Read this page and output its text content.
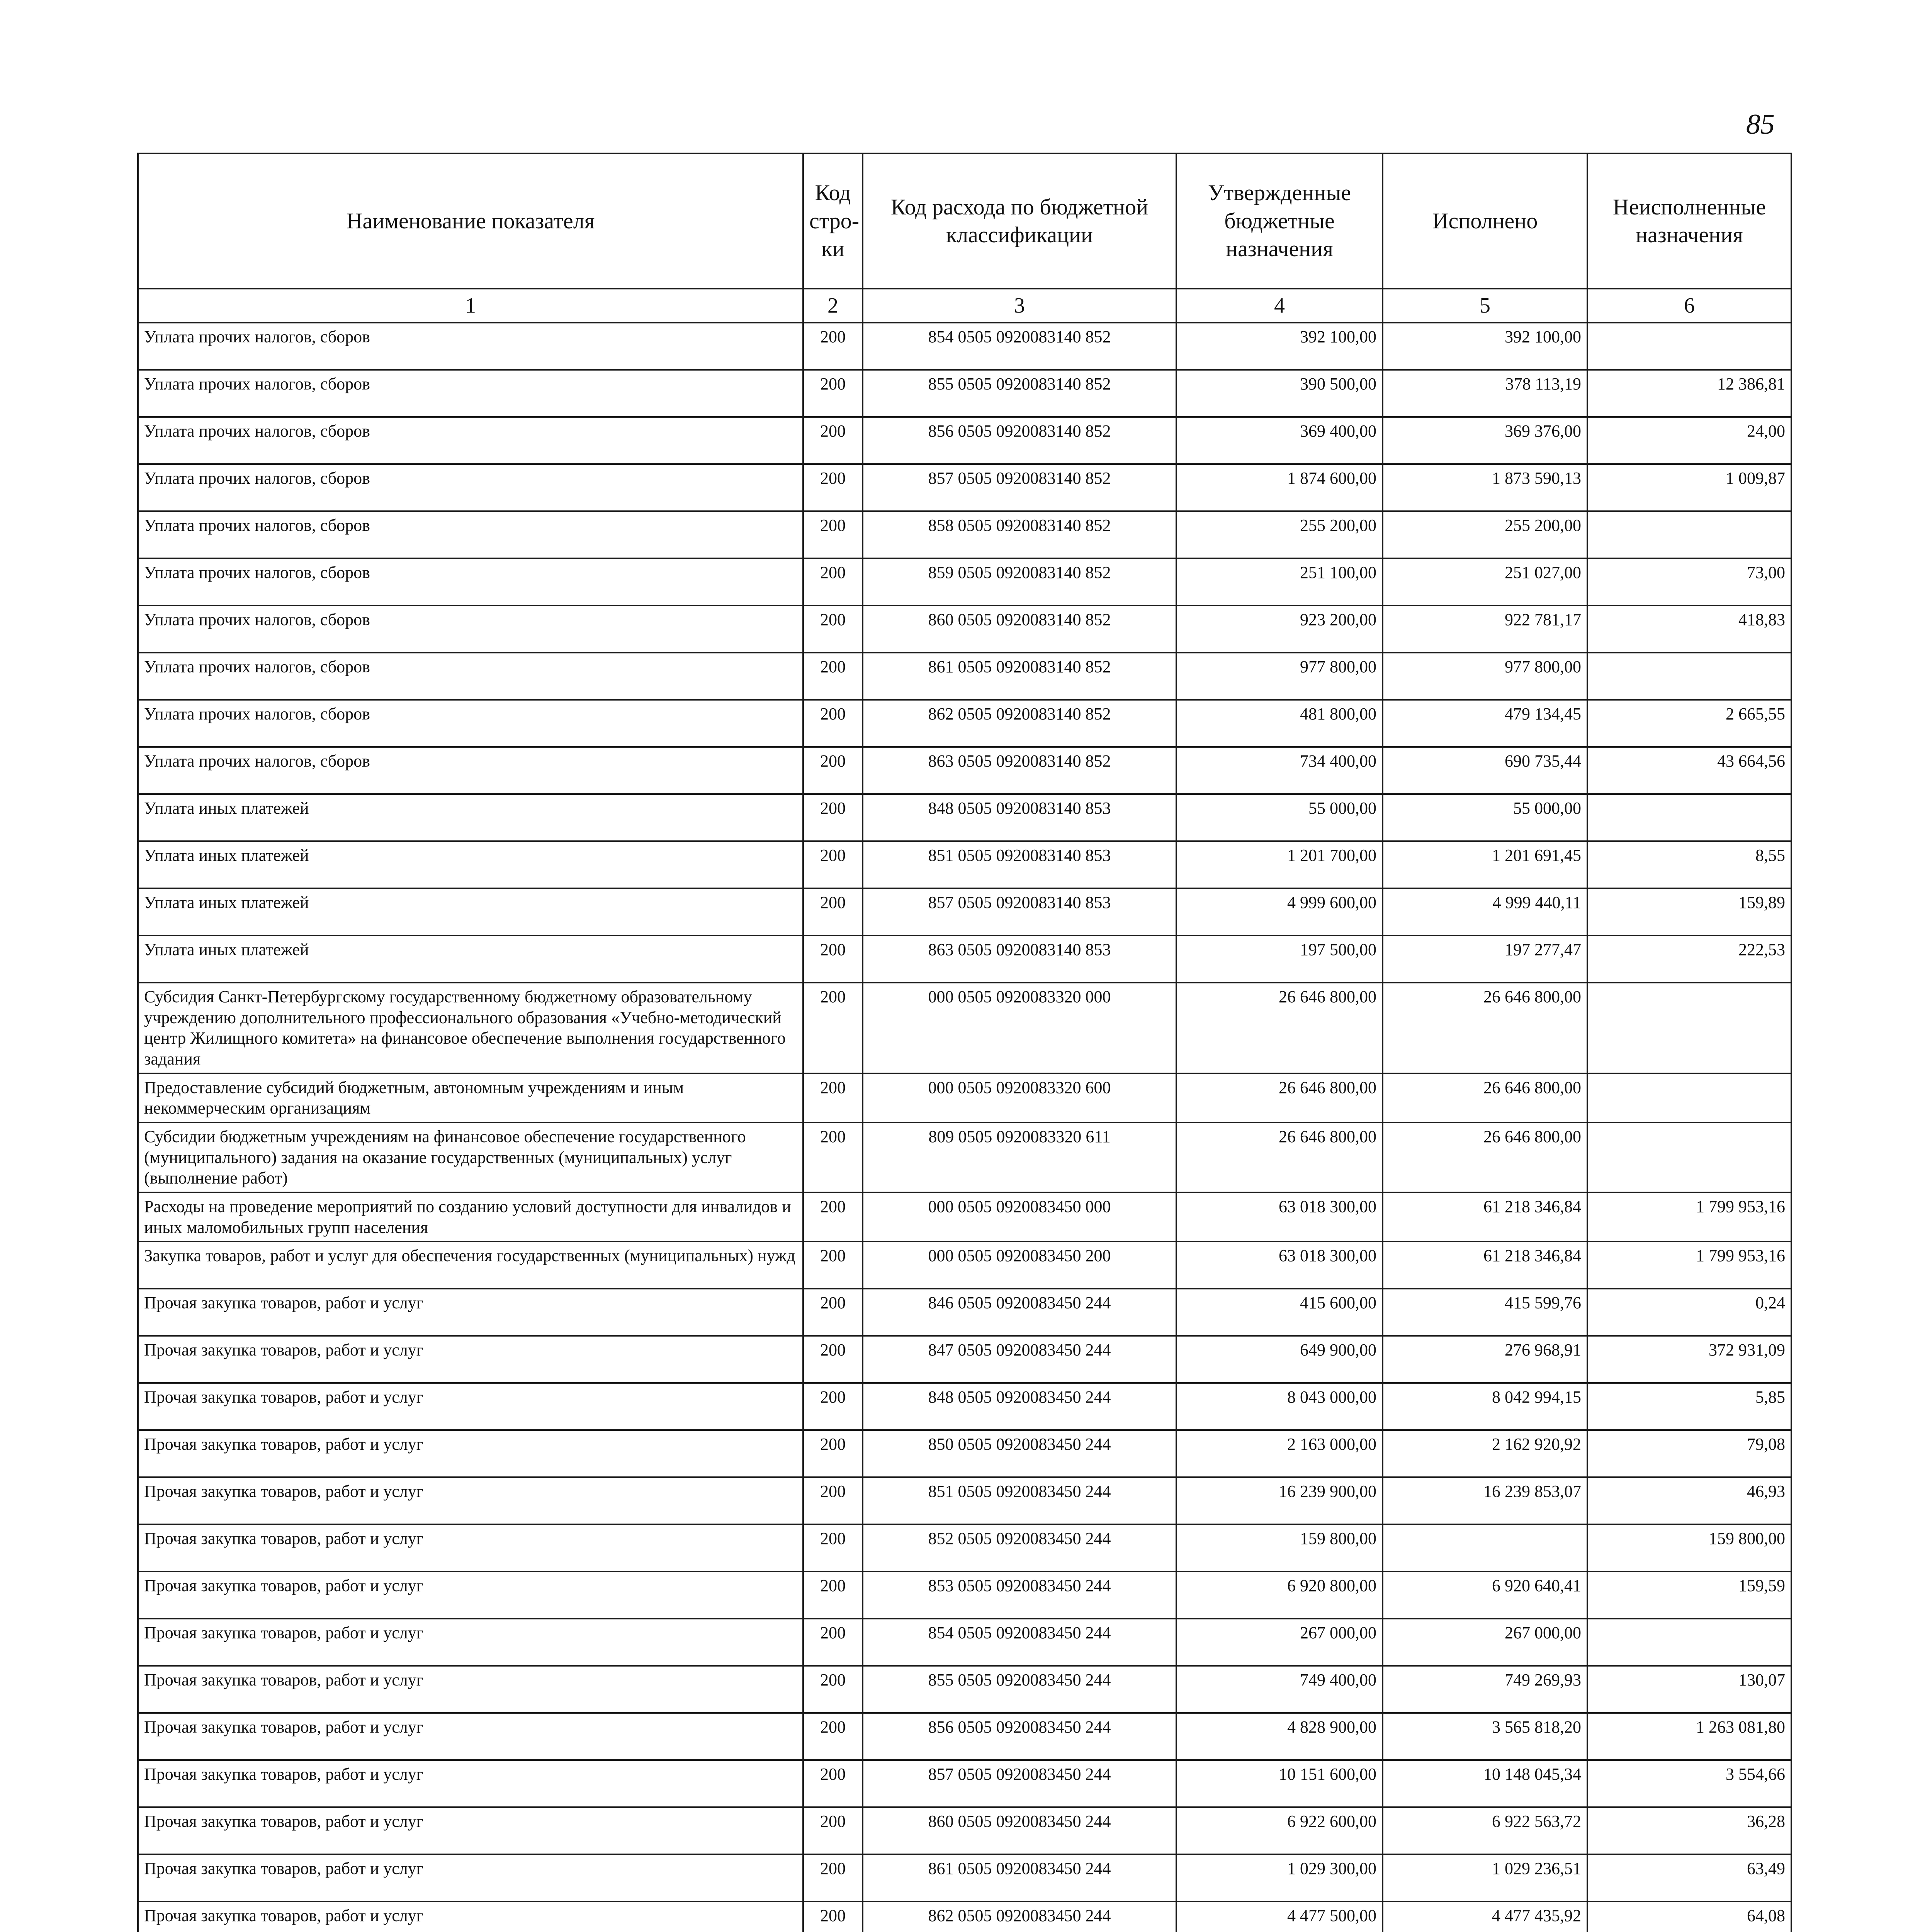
85
Наименование показателя	Код стро- ки	Код расхода по бюджетной классификации	Утвержденные бюджетные назначения	Исполнено	Неисполненные назначения
1	2	3	4	5	6
Уплата прочих налогов, сборов	200	854 0505 0920083140 852	392 100,00	392 100,00	
Уплата прочих налогов, сборов	200	855 0505 0920083140 852	390 500,00	378 113,19	12 386,81
Уплата прочих налогов, сборов	200	856 0505 0920083140 852	369 400,00	369 376,00	24,00
Уплата прочих налогов, сборов	200	857 0505 0920083140 852	1 874 600,00	1 873 590,13	1 009,87
Уплата прочих налогов, сборов	200	858 0505 0920083140 852	255 200,00	255 200,00	
Уплата прочих налогов, сборов	200	859 0505 0920083140 852	251 100,00	251 027,00	73,00
Уплата прочих налогов, сборов	200	860 0505 0920083140 852	923 200,00	922 781,17	418,83
Уплата прочих налогов, сборов	200	861 0505 0920083140 852	977 800,00	977 800,00	
Уплата прочих налогов, сборов	200	862 0505 0920083140 852	481 800,00	479 134,45	2 665,55
Уплата прочих налогов, сборов	200	863 0505 0920083140 852	734 400,00	690 735,44	43 664,56
Уплата иных платежей	200	848 0505 0920083140 853	55 000,00	55 000,00	
Уплата иных платежей	200	851 0505 0920083140 853	1 201 700,00	1 201 691,45	8,55
Уплата иных платежей	200	857 0505 0920083140 853	4 999 600,00	4 999 440,11	159,89
Уплата иных платежей	200	863 0505 0920083140 853	197 500,00	197 277,47	222,53
Субсидия Санкт-Петербургскому государственному бюджетному образовательному учреждению дополнительного профессионального образования «Учебно-методический центр Жилищного комитета» на финансовое обеспечение выполнения государственного задания	200	000 0505 0920083320 000	26 646 800,00	26 646 800,00	
Предоставление субсидий бюджетным, автономным учреждениям и иным некоммерческим организациям	200	000 0505 0920083320 600	26 646 800,00	26 646 800,00	
Субсидии бюджетным учреждениям на финансовое обеспечение государственного (муниципального) задания на оказание государственных (муниципальных) услуг (выполнение работ)	200	809 0505 0920083320 611	26 646 800,00	26 646 800,00	
Расходы на проведение мероприятий по созданию условий доступности для инвалидов и иных маломобильных групп населения	200	000 0505 0920083450 000	63 018 300,00	61 218 346,84	1 799 953,16
Закупка товаров, работ и услуг для обеспечения государственных (муниципальных) нужд	200	000 0505 0920083450 200	63 018 300,00	61 218 346,84	1 799 953,16
Прочая закупка товаров, работ и услуг	200	846 0505 0920083450 244	415 600,00	415 599,76	0,24
Прочая закупка товаров, работ и услуг	200	847 0505 0920083450 244	649 900,00	276 968,91	372 931,09
Прочая закупка товаров, работ и услуг	200	848 0505 0920083450 244	8 043 000,00	8 042 994,15	5,85
Прочая закупка товаров, работ и услуг	200	850 0505 0920083450 244	2 163 000,00	2 162 920,92	79,08
Прочая закупка товаров, работ и услуг	200	851 0505 0920083450 244	16 239 900,00	16 239 853,07	46,93
Прочая закупка товаров, работ и услуг	200	852 0505 0920083450 244	159 800,00		159 800,00
Прочая закупка товаров, работ и услуг	200	853 0505 0920083450 244	6 920 800,00	6 920 640,41	159,59
Прочая закупка товаров, работ и услуг	200	854 0505 0920083450 244	267 000,00	267 000,00	
Прочая закупка товаров, работ и услуг	200	855 0505 0920083450 244	749 400,00	749 269,93	130,07
Прочая закупка товаров, работ и услуг	200	856 0505 0920083450 244	4 828 900,00	3 565 818,20	1 263 081,80
Прочая закупка товаров, работ и услуг	200	857 0505 0920083450 244	10 151 600,00	10 148 045,34	3 554,66
Прочая закупка товаров, работ и услуг	200	860 0505 0920083450 244	6 922 600,00	6 922 563,72	36,28
Прочая закупка товаров, работ и услуг	200	861 0505 0920083450 244	1 029 300,00	1 029 236,51	63,49
Прочая закупка товаров, работ и услуг	200	862 0505 0920083450 244	4 477 500,00	4 477 435,92	64,08
